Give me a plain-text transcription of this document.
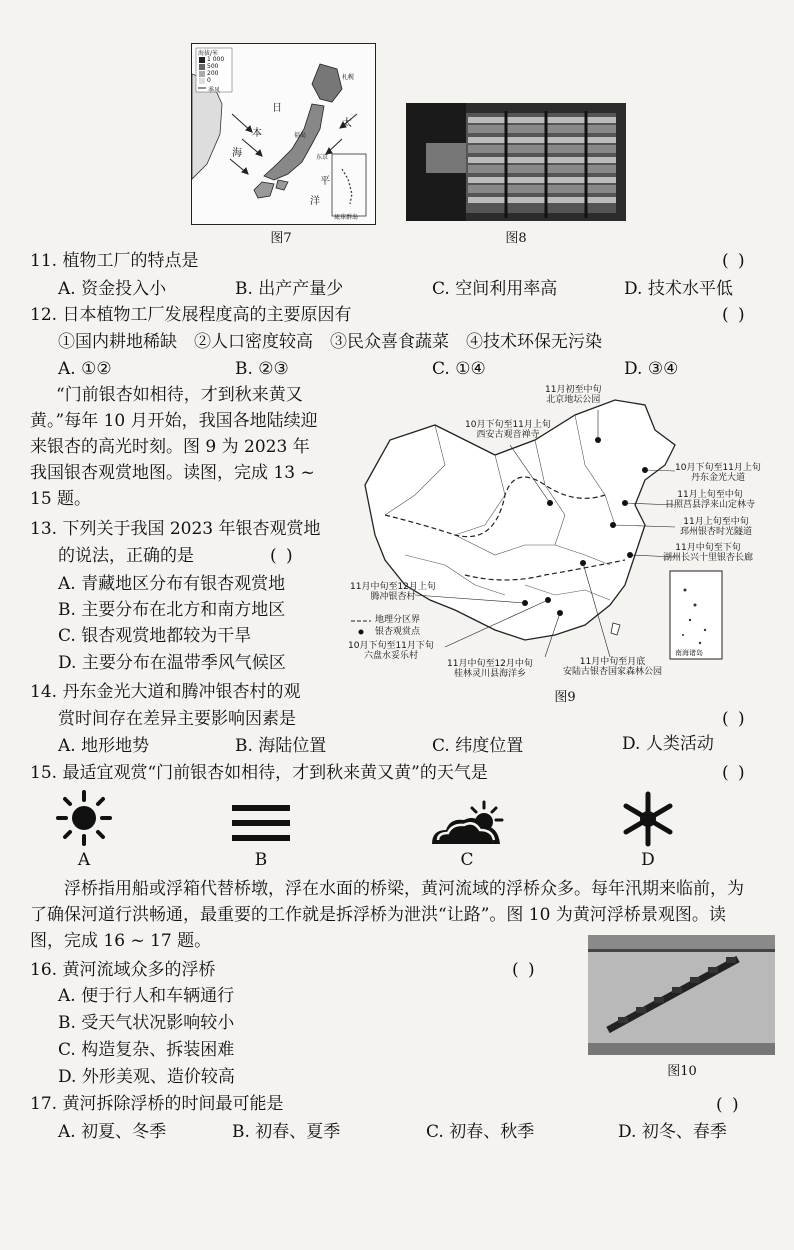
海拔/米
1 000
500
200
0
季风
日
本
海
太
平
洋
札幌
东京
福岛
琉球群岛
图7	图8
11. 植物工厂的特点是	( )
A. 资金投入小	B. 出产产量少	C. 空间利用率高	D. 技术水平低
12. 日本植物工厂发展程度高的主要原因有	( )
①国内耕地稀缺　②人口密度较高　③民众喜食蔬菜　④技术环保无污染
A. ①②	B. ②③	C. ①④	D. ③④
“门前银杏如相待，才到秋来黄又
黄。”每年 10 月开始，我国各地陆续迎
来银杏的高光时刻。图 9 为 2023 年
我国银杏观赏地图。读图，完成 13 ~
15 题。
13. 下列关于我国 2023 年银杏观赏地
的说法，正确的是	( )
A. 青藏地区分布有银杏观赏地
B. 主要分布在北方和南方地区
C. 银杏观赏地都较为干旱
D. 主要分布在温带季风气候区
11月初至中旬
北京地坛公园
10月下旬至11月上旬
西安古观音禅寺
10月下旬至11月上旬
丹东金光大道
11月上旬至中旬
日照莒县浮来山定林寺
11月上旬至中旬
邳州银杏时光隧道
11月中旬至下旬
湖州长兴十里银杏长廊
11月中旬至12月上旬
腾冲银杏村
10月下旬至11月下旬
六盘水妥乐村
11月中旬至12月中旬
桂林灵川县海洋乡
11月中旬至月底
安陆古银杏国家森林公园
地理分区界
银杏观赏点
南海诸岛
图9
14. 丹东金光大道和腾冲银杏村的观
赏时间存在差异主要影响因素是	( )
A. 地形地势	B. 海陆位置	C. 纬度位置	D. 人类活动
15. 最适宜观赏“门前银杏如相待，才到秋来黄又黄”的天气是	( )
A	B	C	D
浮桥指用船或浮箱代替桥墩，浮在水面的桥梁，黄河流域的浮桥众多。每年汛期来临前，为
了确保河道行洪畅通，最重要的工作就是拆浮桥为泄洪“让路”。图 10 为黄河浮桥景观图。读
图，完成 16 ~ 17 题。
图10
16. 黄河流域众多的浮桥	( )
A. 便于行人和车辆通行
B. 受天气状况影响较小
C. 构造复杂、拆装困难
D. 外形美观、造价较高
17. 黄河拆除浮桥的时间最可能是	( )
A. 初夏、冬季	B. 初春、夏季	C. 初春、秋季	D. 初冬、春季
